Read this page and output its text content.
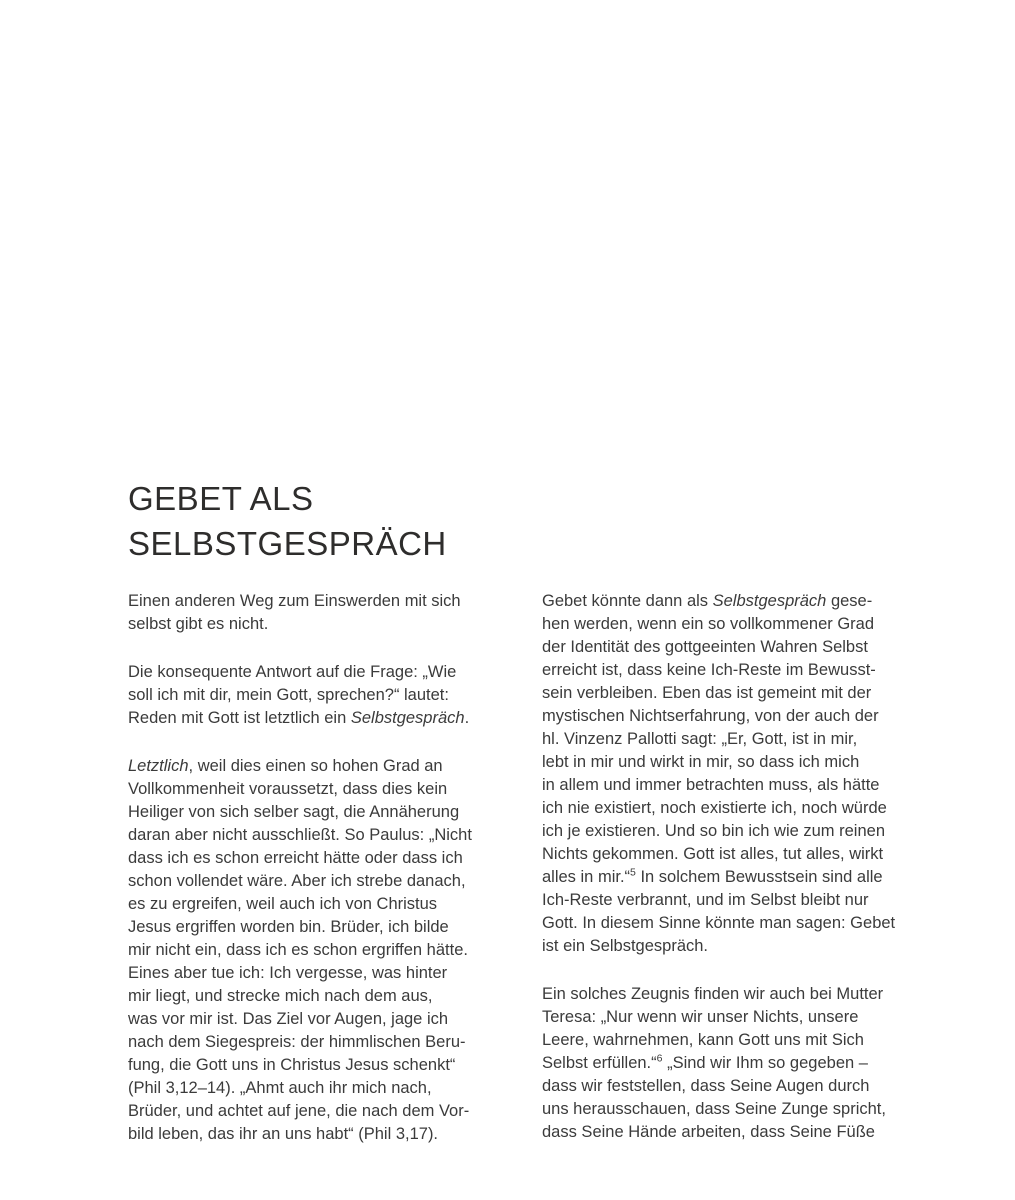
GEBET ALS
SELBSTGESPRÄCH
Einen anderen Weg zum Einswerden mit sich
selbst gibt es nicht.
Die konsequente Antwort auf die Frage: „Wie
soll ich mit dir, mein Gott, sprechen?“ lautet:
Reden mit Gott ist letztlich ein Selbstgespräch.
Letztlich, weil dies einen so hohen Grad an
Vollkommenheit voraussetzt, dass dies kein
Heiliger von sich selber sagt, die Annäherung
daran aber nicht ausschließt. So Paulus: „Nicht
dass ich es schon erreicht hätte oder dass ich
schon vollendet wäre. Aber ich strebe danach,
es zu ergreifen, weil auch ich von Christus
Jesus ergriffen worden bin. Brüder, ich bilde
mir nicht ein, dass ich es schon ergriffen hätte.
Eines aber tue ich: Ich vergesse, was hinter
mir liegt, und strecke mich nach dem aus,
was vor mir ist. Das Ziel vor Augen, jage ich
nach dem Siegespreis: der himmlischen Beru-
fung, die Gott uns in Christus Jesus schenkt“
(Phil 3,12–14). „Ahmt auch ihr mich nach,
Brüder, und achtet auf jene, die nach dem Vor-
bild leben, das ihr an uns habt“ (Phil 3,17).
Gebet könnte dann als Selbstgespräch gese-
hen werden, wenn ein so vollkommener Grad
der Identität des gottgeeinten Wahren Selbst
erreicht ist, dass keine Ich-Reste im Bewusst-
sein verbleiben. Eben das ist gemeint mit der
mystischen Nichtserfahrung, von der auch der
hl. Vinzenz Pallotti sagt: „Er, Gott, ist in mir,
lebt in mir und wirkt in mir, so dass ich mich
in allem und immer betrachten muss, als hätte
ich nie existiert, noch existierte ich, noch würde
ich je existieren. Und so bin ich wie zum reinen
Nichts gekommen. Gott ist alles, tut alles, wirkt
alles in mir.“$^5$ In solchem Bewusstsein sind alle
Ich-Reste verbrannt, und im Selbst bleibt nur
Gott. In diesem Sinne könnte man sagen: Gebet
ist ein Selbstgespräch.
Ein solches Zeugnis finden wir auch bei Mutter
Teresa: „Nur wenn wir unser Nichts, unsere
Leere, wahrnehmen, kann Gott uns mit Sich
Selbst erfüllen.“$^6$ „Sind wir Ihm so gegeben –
dass wir feststellen, dass Seine Augen durch
uns herausschauen, dass Seine Zunge spricht,
dass Seine Hände arbeiten, dass Seine Füße
